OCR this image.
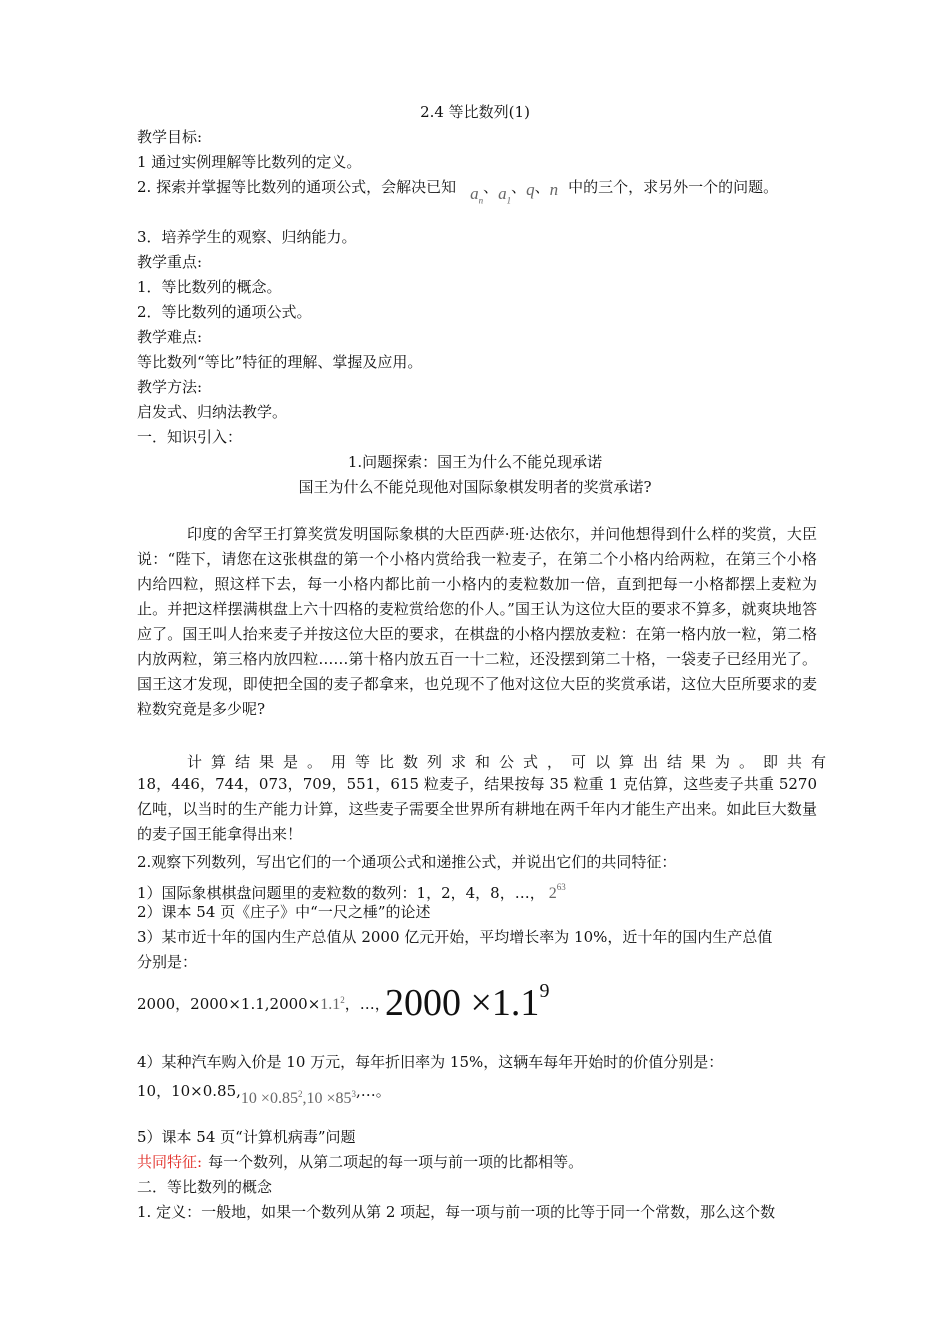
2.4 等比数列(1)
教学目标:
1 通过实例理解等比数列的定义。
2. 探索并掌握等比数列的通项公式，会解决已知 $a_n$、$a_1$、q、n 中的三个，求另外一个的问题。
3．培养学生的观察、归纳能力。
教学重点:
1．等比数列的概念。
2．等比数列的通项公式。
教学难点:
等比数列“等比”特征的理解、掌握及应用。
教学方法:
启发式、归纳法教学。
一．知识引入：
1.问题探索：国王为什么不能兑现承诺
国王为什么不能兑现他对国际象棋发明者的奖赏承诺?
印度的舍罕王打算奖赏发明国际象棋的大臣西萨·班·达依尔，并问他想得到什么样的奖赏，大臣说：“陛下，请您在这张棋盘的第一个小格内赏给我一粒麦子，在第二个小格内给两粒，在第三个小格内给四粒，照这样下去，每一小格内都比前一小格内的麦粒数加一倍，直到把每一小格都摆上麦粒为止。并把这样摆满棋盘上六十四格的麦粒赏给您的仆人。”国王认为这位大臣的要求不算多，就爽块地答应了。国王叫人抬来麦子并按这位大臣的要求，在棋盘的小格内摆放麦粒：在第一格内放一粒，第二格内放两粒，第三格内放四粒……第十格内放五百一十二粒，还没摆到第二十格，一袋麦子已经用光了。国王这才发现，即使把全国的麦子都拿来，也兑现不了他对这位大臣的奖赏承诺，这位大臣所要求的麦粒数究竟是多少呢?
计算结果是。用等比数列求和公式，可以算出结果为。即共有
18，446，744，073，709，551，615 粒麦子，结果按每 35 粒重 1 克估算，这些麦子共重 5270 亿吨，以当时的生产能力计算，这些麦子需要全世界所有耕地在两千年内才能生产出来。如此巨大数量的麦子国王能拿得出来！
2.观察下列数列，写出它们的一个通项公式和递推公式，并说出它们的共同特征：
1）国际象棋棋盘问题里的麦粒数的数列：1，2，4，8，…， $2^{63}$
2）课本 54 页《庄子》中“一尺之棰”的论述
3）某市近十年的国内生产总值从 2000 亿元开始，平均增长率为 10%，近十年的国内生产总值
分别是：
2000，$2000\times 1.1,2000\times 1.1^2$，…，
$2000 \times 1.1^9$
4）某种汽车购入价是 10 万元，每年折旧率为 15%，这辆车每年开始时的价值分别是：
10，$10\times 0.85,10 \times 0.85^2,10$ $\times 85^3,\dots$。
5）课本 54 页“计算机病毒”问题
共同特征: 每一个数列，从第二项起的每一项与前一项的比都相等。
二．等比数列的概念
1. 定义：一般地，如果一个数列从第 2 项起，每一项与前一项的比等于同一个常数，那么这个数
